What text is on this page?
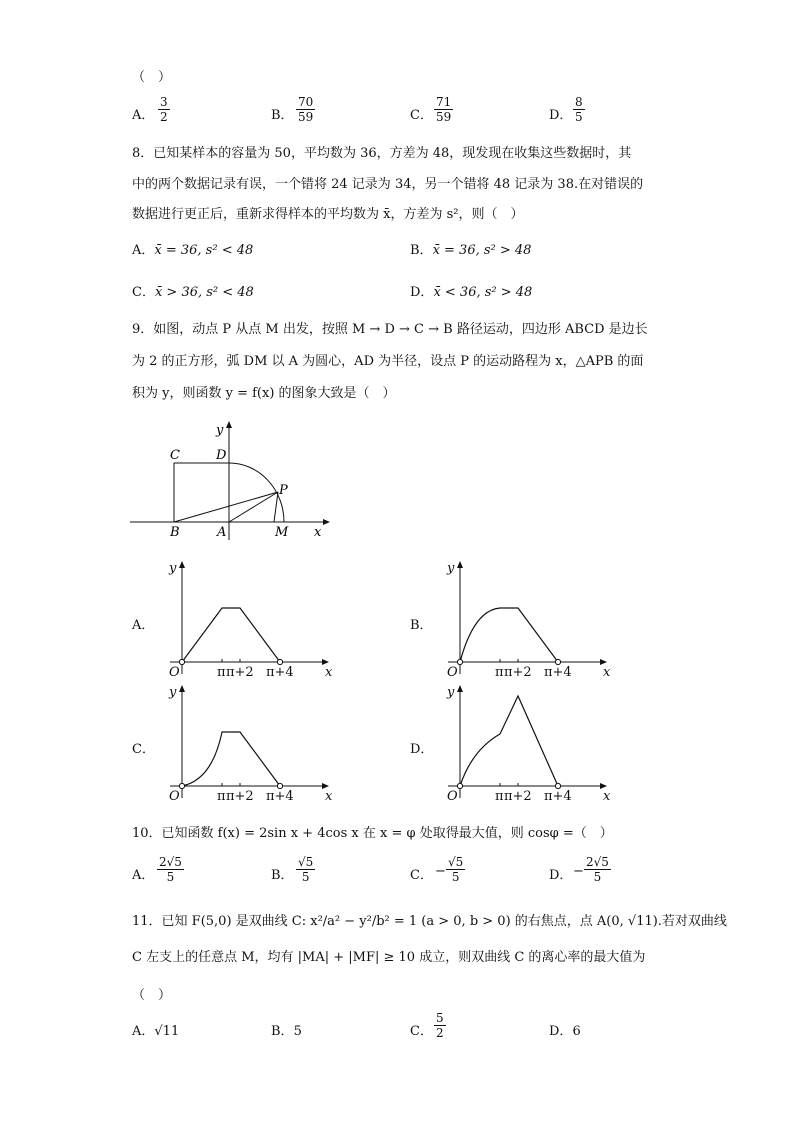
（　）
A． $\frac{3}{2}$	B． $\frac{70}{59}$	C． $\frac{71}{59}$	D． $\frac{8}{5}$
8．已知某样本的容量为 50，平均数为 36，方差为 48，现发现在收集这些数据时，其
中的两个数据记录有误，一个错将 24 记录为 34，另一个错将 48 记录为 38.在对错误的
数据进行更正后，重新求得样本的平均数为 x̄，方差为 s²，则（　）
A．x̄ = 36, s² < 48	B．x̄ = 36, s² > 48
C．x̄ > 36, s² < 48	D．x̄ < 36, s² > 48
9．如图，动点 P 从点 M 出发，按照 M → D → C → B 路径运动，四边形 ABCD 是边长
为 2 的正方形，弧 DM 以 A 为圆心，AD 为半径，设点 P 的运动路程为 x，△APB 的面
积为 y，则函数 y = f(x) 的图象大致是（　）
C	D
P
B	A	M x
y
A．	B．
C．	D．
O	π π+2 π+4 x
y
O	π π+2 π+4 x
y
O	π π+2 π+4 x
y
O	π π+2 π+4 x
y
10．已知函数 f(x) = 2sin x + 4cos x 在 x = φ 处取得最大值，则 cosφ =（　）
A． $\frac{2√5}{5}$	B． $\frac{√5}{5}$	C． − $\frac{√5}{5}$	D． − $\frac{2√5}{5}$
11．已知 F(5,0) 是双曲线 C: x²/a² − y²/b² = 1 (a > 0, b > 0) 的右焦点，点 A(0, √11).若对双曲线
C 左支上的任意点 M，均有 |MA| + |MF| ≥ 10 成立，则双曲线 C 的离心率的最大值为
（　）
A．√11	B．5	C． $\frac{5}{2}$	D．6
